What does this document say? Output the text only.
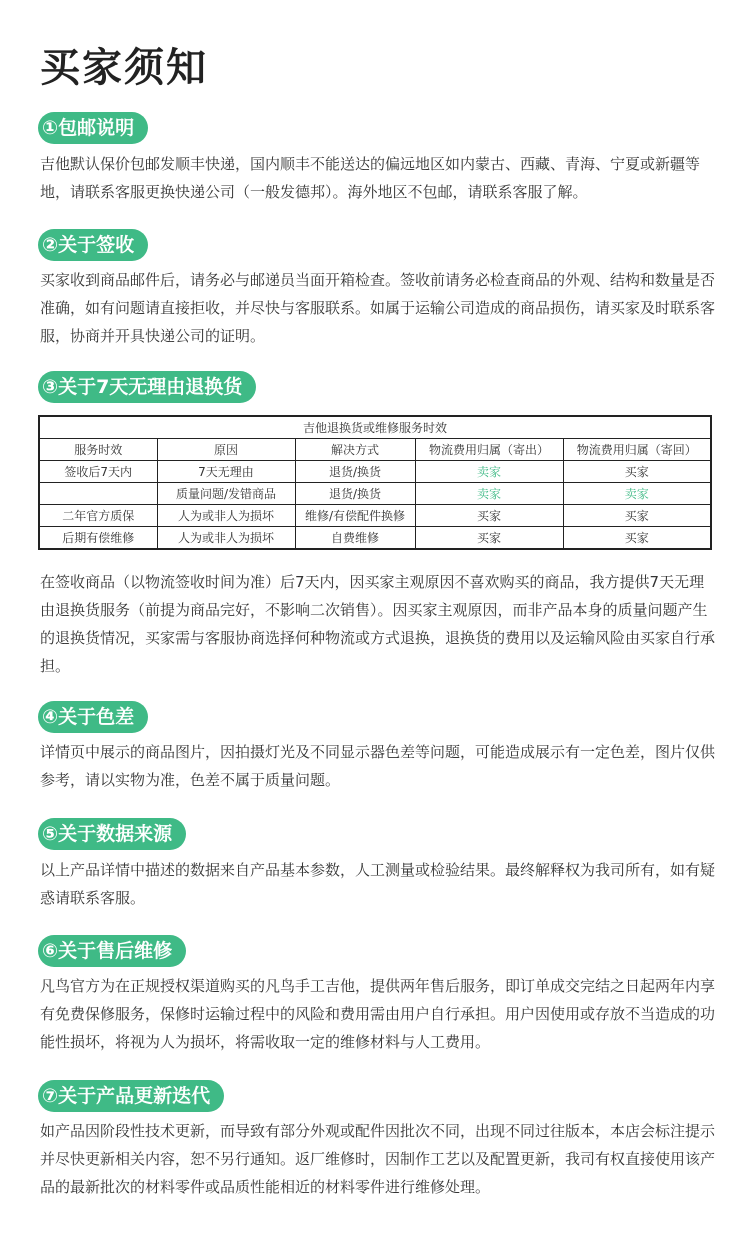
买家须知
①包邮说明

吉他默认保价包邮发顺丰快递，国内顺丰不能送达的偏远地区如内蒙古、西藏、青海、宁夏或新疆等地，请联系客服更换快递公司（一般发德邦）。海外地区不包邮，请联系客服了解。

②关于签收

买家收到商品邮件后，请务必与邮递员当面开箱检查。签收前请务必检查商品的外观、结构和数量是否准确，如有问题请直接拒收，并尽快与客服联系。如属于运输公司造成的商品损伤，请买家及时联系客服，协商并开具快递公司的证明。

③关于7天无理由退换货
吉他退换货或维修服务时效				
服务时效	原因	解决方式	物流费用归属（寄出）	物流费用归属（寄回）
签收后7天内	7天无理由	退货/换货	卖家	买家
	质量问题/发错商品	退货/换货	卖家	卖家
二年官方质保	人为或非人为损坏	维修/有偿配件换修	买家	买家
后期有偿维修	人为或非人为损坏	自费维修	买家	买家

在签收商品（以物流签收时间为准）后7天内，因买家主观原因不喜欢购买的商品，我方提供7天无理由退换货服务（前提为商品完好，不影响二次销售）。因买家主观原因，而非产品本身的质量问题产生的退换货情况，买家需与客服协商选择何种物流或方式退换，退换货的费用以及运输风险由买家自行承担。

④关于色差

详情页中展示的商品图片，因拍摄灯光及不同显示器色差等问题，可能造成展示有一定色差，图片仅供参考，请以实物为准，色差不属于质量问题。

⑤关于数据来源

以上产品详情中描述的数据来自产品基本参数，人工测量或检验结果。最终解释权为我司所有，如有疑惑请联系客服。

⑥关于售后维修

凡鸟官方为在正规授权渠道购买的凡鸟手工吉他，提供两年售后服务，即订单成交完结之日起两年内享有免费保修服务，保修时运输过程中的风险和费用需由用户自行承担。用户因使用或存放不当造成的功能性损坏，将视为人为损坏，将需收取一定的维修材料与人工费用。

⑦关于产品更新迭代

如产品因阶段性技术更新，而导致有部分外观或配件因批次不同，出现不同过往版本，本店会标注提示并尽快更新相关内容，恕不另行通知。返厂维修时，因制作工艺以及配置更新，我司有权直接使用该产品的最新批次的材料零件或品质性能相近的材料零件进行维修处理。
